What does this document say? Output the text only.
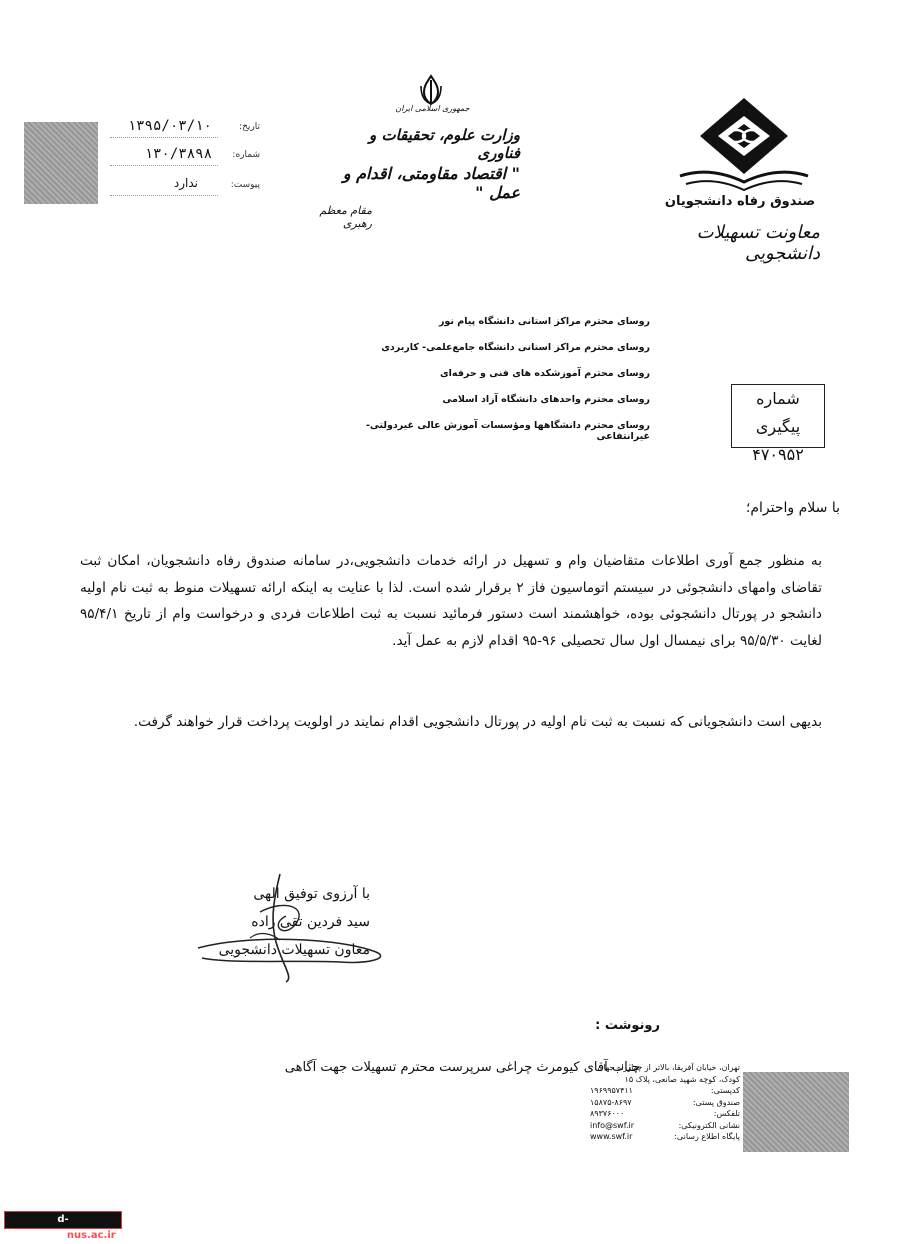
صندوق رفاه دانشجویان
معاونت تسهیلات دانشجویی
جمهوری اسلامی ایران
وزارت علوم، تحقیقات و فناوری
" اقتصاد مقاومتی، اقدام و عمل "
مقام معظم رهبری
تاریخ:
۱۳۹۵/۰۳/۱۰
شماره:
۱۳۰/۳۸۹۸
پیوست:
ندارد
شماره پیگیری
۴۷۰۹۵۲
روسای محترم مراکز استانی دانشگاه پیام نور
روسای محترم مراکز استانی دانشگاه جامع‌علمی- کاربردی
روسای محترم آموزشکده های فنی و حرفه‌ای
روسای محترم واحدهای دانشگاه آزاد اسلامی
روسای محترم دانشگاهها ومؤسسات آموزش عالی غیردولتی- غیرانتفاعی
با سلام واحترام؛
به منظور جمع آوری اطلاعات متقاضیان وام و تسهیل در ارائه خدمات دانشجویی،در سامانه صندوق رفاه دانشجویان، امکان ثبت تقاضای وامهای دانشجوئی در سیستم اتوماسیون فاز ۲ برقرار شده است. لذا با عنایت به اینکه ارائه تسهیلات منوط به ثبت نام اولیه دانشجو در پورتال دانشجوئی بوده، خواهشمند است دستور فرمائید نسبت به ثبت اطلاعات فردی و درخواست وام از تاریخ ۹۵/۴/۱ لغایت ۹۵/۵/۳۰ برای نیمسال اول سال تحصیلی ۹۶-۹۵ اقدام لازم به عمل آید.
بدیهی است دانشجویانی که نسبت به ثبت نام اولیه در پورتال دانشجویی اقدام نمایند در اولویت پرداخت قرار خواهند گرفت.
با آرزوی توفیق الهی
سید فردین تقی زاده
معاون تسهیلات دانشجویی
رونوشت :
جناب آقای کیومرث چراغی سرپرست محترم تسهیلات جهت آگاهی
تهران، خیابان آفریقا، بالاتر از چهارراه جهان کودک، کوچه شهید صانعی، پلاک ۱۵
کدپستی:
۱۹۶۹۹۵۷۴۱۱
صندوق پستی:
۱۵۸۷۵-۸۶۹۷
تلفکس:
۸۹۳۷۶۰۰۰
نشانی الکترونیکی:
info@swf.ir
پایگاه اطلاع رسانی:
www.swf.ir
d-shahrood.nus.ac.ir
